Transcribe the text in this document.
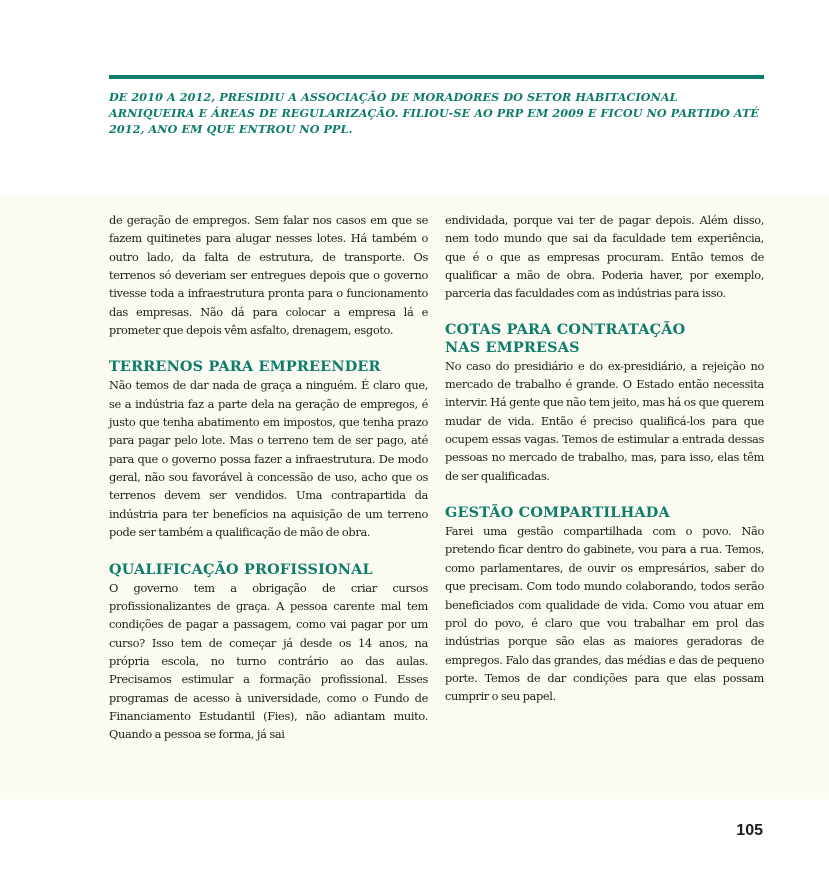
DE 2010 A 2012, PRESIDIU A ASSOCIAÇÃO DE MORADORES DO SETOR HABITACIONAL ARNIQUEIRA E ÁREAS DE REGULARIZAÇÃO. FILIOU-SE AO PRP EM 2009 E FICOU NO PARTIDO ATÉ 2012, ANO EM QUE ENTROU NO PPL.

de geração de empregos. Sem falar nos casos em que se fazem quitinetes para alugar nesses lotes. Há também o outro lado, da falta de estrutura, de transporte. Os terrenos só deveriam ser entregues depois que o governo tivesse toda a infraestrutura pronta para o funcionamento das empresas. Não dá para colocar a empresa lá e prometer que depois vêm asfalto, drenagem, esgoto.

TERRENOS PARA EMPREENDER

Não temos de dar nada de graça a ninguém. É claro que, se a indústria faz a parte dela na geração de empregos, é justo que tenha abatimento em impostos, que tenha prazo para pagar pelo lote. Mas o terreno tem de ser pago, até para que o governo possa fazer a infraestrutura. De modo geral, não sou favorável à concessão de uso, acho que os terrenos devem ser vendidos. Uma contrapartida da indústria para ter benefícios na aquisição de um terreno pode ser também a qualificação de mão de obra.

QUALIFICAÇÃO PROFISSIONAL

O governo tem a obrigação de criar cursos profissionalizantes de graça. A pessoa carente mal tem condições de pagar a passagem, como vai pagar por um curso? Isso tem de começar já desde os 14 anos, na própria escola, no turno contrário ao das aulas. Precisamos estimular a formação profissional. Esses programas de acesso à universidade, como o Fundo de Financiamento Estudantil (Fies), não adiantam muito. Quando a pessoa se forma, já sai

endividada, porque vai ter de pagar depois. Além disso, nem todo mundo que sai da faculdade tem experiência, que é o que as empresas procuram. Então temos de qualificar a mão de obra. Poderia haver, por exemplo, parceria das faculdades com as indústrias para isso.

COTAS PARA CONTRATAÇÃO
NAS EMPRESAS

No caso do presidiário e do ex-presidiário, a rejeição no mercado de trabalho é grande. O Estado então necessita intervir. Há gente que não tem jeito, mas há os que querem mudar de vida. Então é preciso qualificá-los para que ocupem essas vagas. Temos de estimular a entrada dessas pessoas no mercado de trabalho, mas, para isso, elas têm de ser qualificadas.

GESTÃO COMPARTILHADA

Farei uma gestão compartilhada com o povo. Não pretendo ficar dentro do gabinete, vou para a rua. Temos, como parlamentares, de ouvir os empresários, saber do que precisam. Com todo mundo colaborando, todos serão beneficiados com qualidade de vida. Como vou atuar em prol do povo, é claro que vou trabalhar em prol das indústrias porque são elas as maiores geradoras de empregos. Falo das grandes, das médias e das de pequeno porte. Temos de dar condições para que elas possam cumprir o seu papel.

105
